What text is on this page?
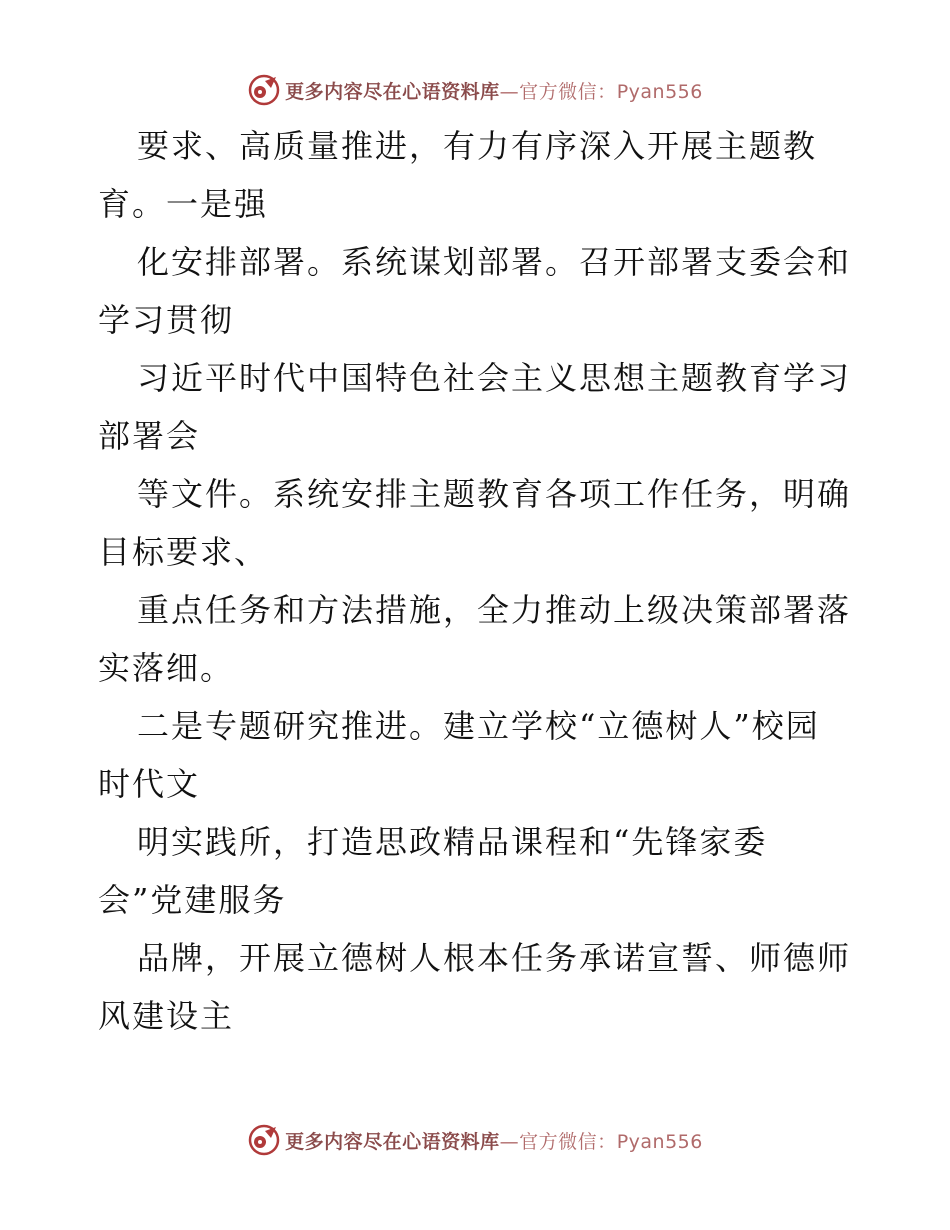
更多内容尽在心语资料库—官方微信：Pyan556
要求、高质量推进，有力有序深入开展主题教
育。一是强
化安排部署。系统谋划部署。召开部署支委会和
学习贯彻
习近平时代中国特色社会主义思想主题教育学习
部署会
等文件。系统安排主题教育各项工作任务，明确
目标要求、
重点任务和方法措施，全力推动上级决策部署落
实落细。
二是专题研究推进。建立学校“立德树人”校园
时代文
明实践所，打造思政精品课程和“先锋家委
会”党建服务
品牌，开展立德树人根本任务承诺宣誓、师德师
风建设主
更多内容尽在心语资料库—官方微信：Pyan556
